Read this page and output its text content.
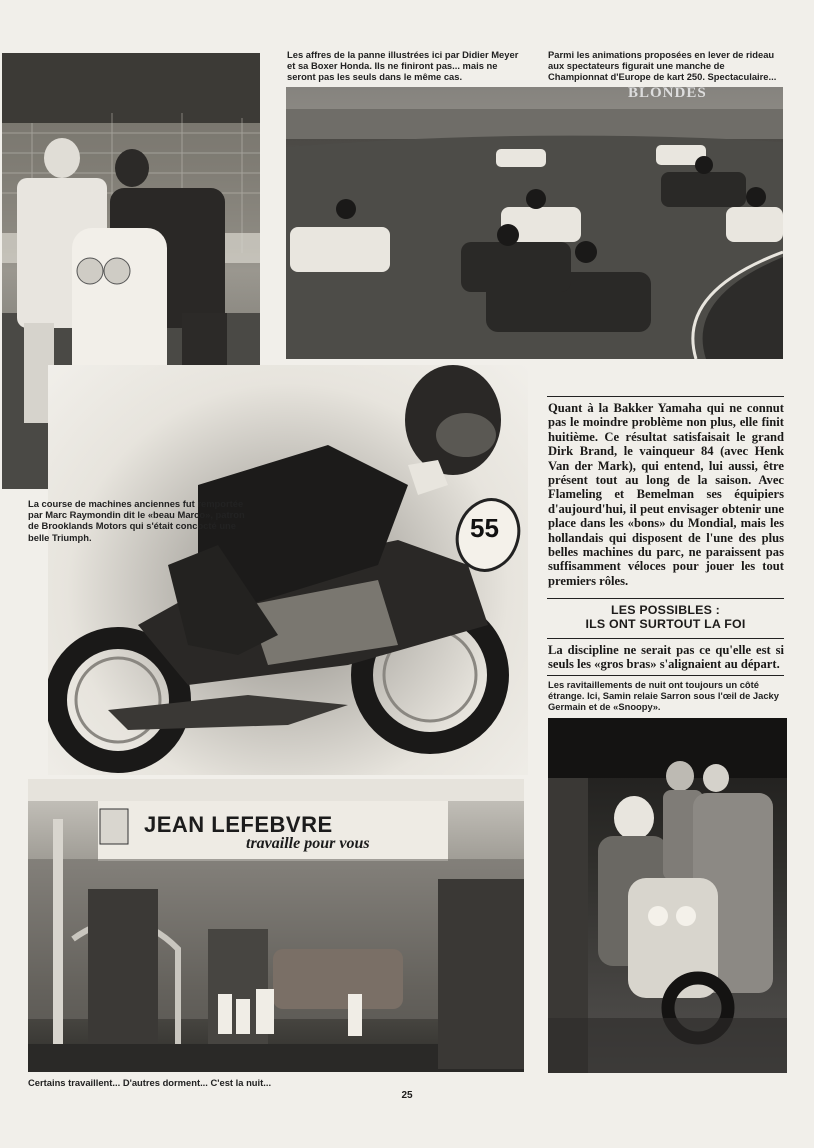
Les affres de la panne illustrées ici par Didier Meyer et sa Boxer Honda. Ils ne finiront pas... mais ne seront pas les seuls dans le même cas.
Parmi les animations proposées en lever de rideau aux spectateurs figurait une manche de Championnat d'Europe de kart 250. Spectaculaire...
BLONDES
55
La course de machines anciennes fut remportée par Marc Raymondin dit le «beau Marco», patron de Brooklands Motors qui s'était concocté une belle Triumph.
Quant à la Bakker Yamaha qui ne connut pas le moindre problème non plus, elle finit huitième. Ce résultat satisfaisait le grand Dirk Brand, le vainqueur 84 (avec Henk Van der Mark), qui entend, lui aussi, être présent tout au long de la saison. Avec Flameling et Bemelman ses équipiers d'aujourd'hui, il peut envisager obtenir une place dans les «bons» du Mondial, mais les hollandais qui disposent de l'une des plus belles machines du parc, ne paraissent pas suffisamment véloces pour jouer les tout premiers rôles.
LES POSSIBLES :
ILS ONT SURTOUT LA FOI
La discipline ne serait pas ce qu'elle est si seuls les «gros bras» s'alignaient au départ.
Les ravitaillements de nuit ont toujours un côté étrange. Ici, Samin relaie Sarron sous l'œil de Jacky Germain et de «Snoopy».
JEAN LEFEBVRE
travaille pour vous
Certains travaillent... D'autres dorment... C'est la nuit...
25
